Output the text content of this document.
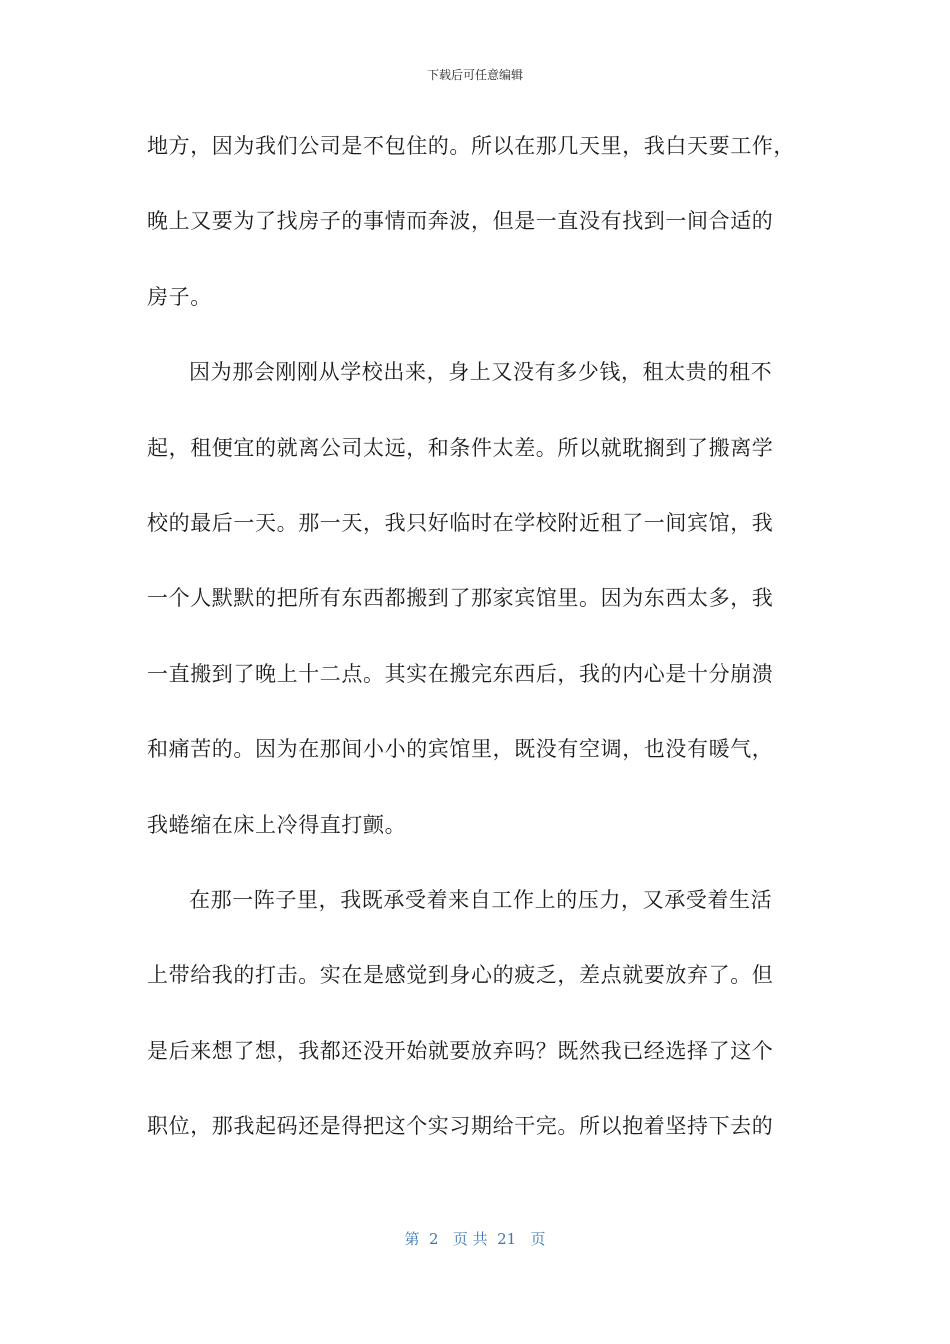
下载后可任意编辑
地方，因为我们公司是不包住的。所以在那几天里，我白天要工作，
晚上又要为了找房子的事情而奔波，但是一直没有找到一间合适的
房子。
因为那会刚刚从学校出来，身上又没有多少钱，租太贵的租不
起，租便宜的就离公司太远，和条件太差。所以就耽搁到了搬离学
校的最后一天。那一天，我只好临时在学校附近租了一间宾馆，我
一个人默默的把所有东西都搬到了那家宾馆里。因为东西太多，我
一直搬到了晚上十二点。其实在搬完东西后，我的内心是十分崩溃
和痛苦的。因为在那间小小的宾馆里，既没有空调，也没有暖气，
我蜷缩在床上冷得直打颤。
在那一阵子里，我既承受着来自工作上的压力，又承受着生活
上带给我的打击。实在是感觉到身心的疲乏，差点就要放弃了。但
是后来想了想，我都还没开始就要放弃吗？既然我已经选择了这个
职位，那我起码还是得把这个实习期给干完。所以抱着坚持下去的
第  2   页 共  21   页
